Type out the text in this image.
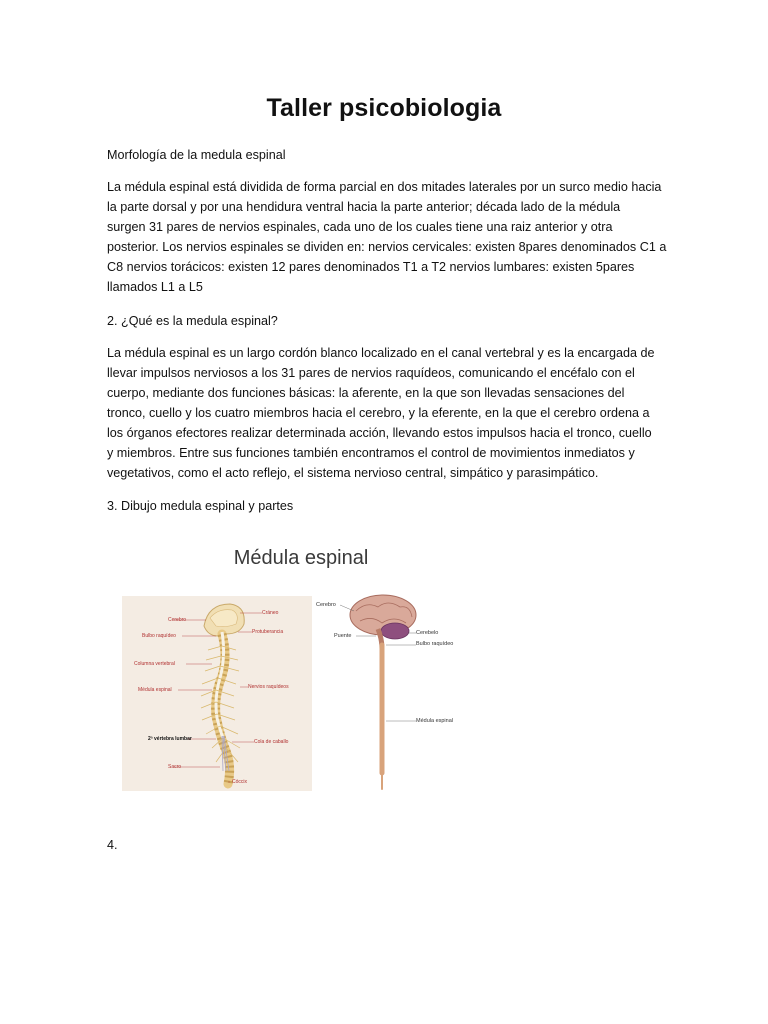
Taller psicobiologia
Morfología de la medula espinal
La médula espinal está dividida de forma parcial en dos mitades laterales por un surco medio hacia
la parte dorsal y por una hendidura ventral hacia la parte anterior; década lado de la médula
surgen 31 pares de nervios espinales, cada uno de los cuales tiene una raiz anterior y otra
posterior. Los nervios espinales se dividen en: nervios cervicales: existen 8pares denominados C1 a
C8 nervios torácicos: existen 12 pares denominados T1 a T2 nervios lumbares: existen 5pares
llamados L1 a L5
2. ¿Qué es la medula espinal?
La médula espinal es un largo cordón blanco localizado en el canal vertebral y es la encargada de
llevar impulsos nerviosos a los 31 pares de nervios raquídeos, comunicando el encéfalo con el
cuerpo, mediante dos funciones básicas: la aferente, en la que son llevadas sensaciones del
tronco, cuello y los cuatro miembros hacia el cerebro, y la eferente, en la que el cerebro ordena a
los órganos efectores realizar determinada acción, llevando estos impulsos hacia el tronco, cuello
y miembros. Entre sus funciones también encontramos el control de movimientos inmediatos y
vegetativos, como el acto reflejo, el sistema nervioso central, simpático y parasimpático.
3. Dibujo medula espinal y partes
Médula espinal
Cerebro
Cráneo
Bulbo raquídeo
Protuberancia
Columna vertebral
Nervios raquídeos
Médula espinal
2ª vértebra lumbar	Cola de caballo
Sacro
Cóccix
Cerebro
Puente	Cerebelo
Bulbo raquídeo
Médula espinal
4.
